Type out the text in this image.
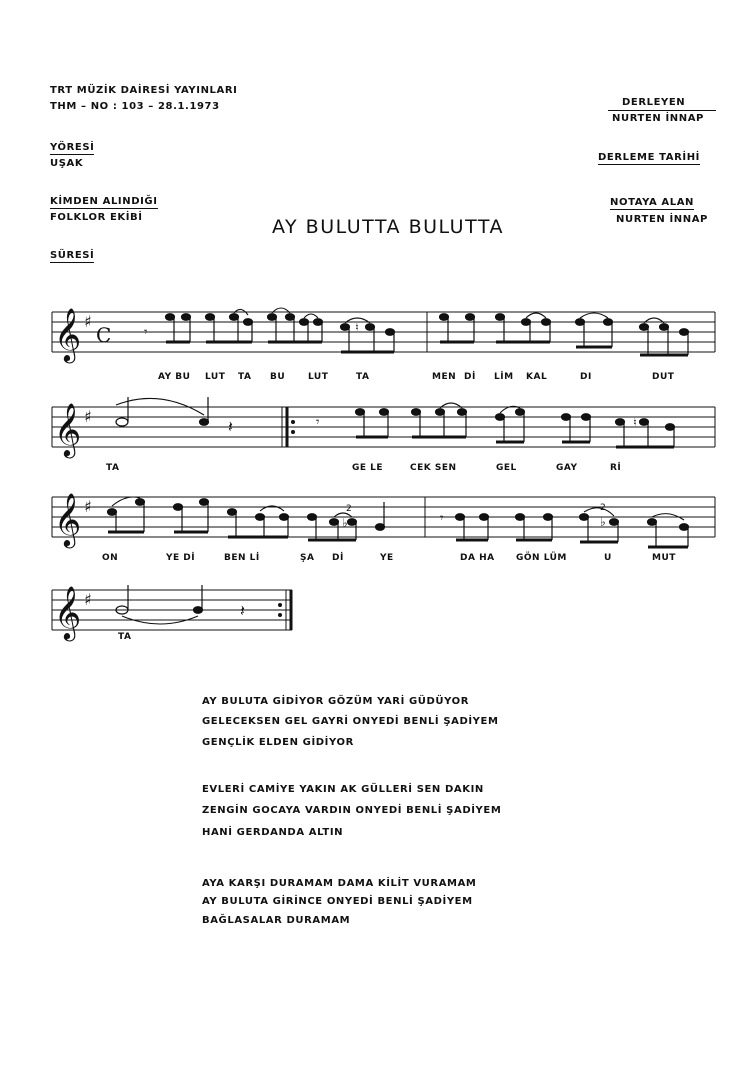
TRT MÜZİK DAİRESİ YAYINLARI
THM – NO : 103 – 28.1.1973
YÖRESİ
UŞAK
KİMDEN ALINDIĞI
FOLKLOR EKİBİ
SÜRESİ
DERLEYEN
NURTEN İNNAP
DERLEME TARİHİ
NOTAYA ALAN
NURTEN İNNAP
AY BULUTTA BULUTTA
𝄞 ♯
C
𝄞 ♯
𝄞 ♯
𝄞 ♯
𝄾
𝄽	𝄾
𝄽
𝄾
♮
♮
♭	♭
2	2
AY BU LUT TA BU	LUT	TA	MEN Dİ LİM KAL	DI	DUT
TA	GE LE	CEK SEN	GEL	GAY	Rİ
ON	YE Dİ	BEN Lİ	ŞA Dİ	YE	DA HA GÖN LÜM	U	MUT
TA
AY BULUTA GİDİYOR GÖZÜM YARİ GÜDÜYOR
GELECEKSEN GEL GAYRİ ONYEDİ BENLİ ŞADİYEM
GENÇLİK ELDEN GİDİYOR
EVLERİ CAMİYE YAKIN AK GÜLLERİ SEN DAKIN
ZENGİN GOCAYA VARDIN ONYEDİ BENLİ ŞADİYEM
HANİ GERDANDA ALTIN
AYA KARŞI DURAMAM DAMA KİLİT VURAMAM
AY BULUTA GİRİNCE ONYEDİ BENLİ ŞADİYEM
BAĞLASALAR DURAMAM
